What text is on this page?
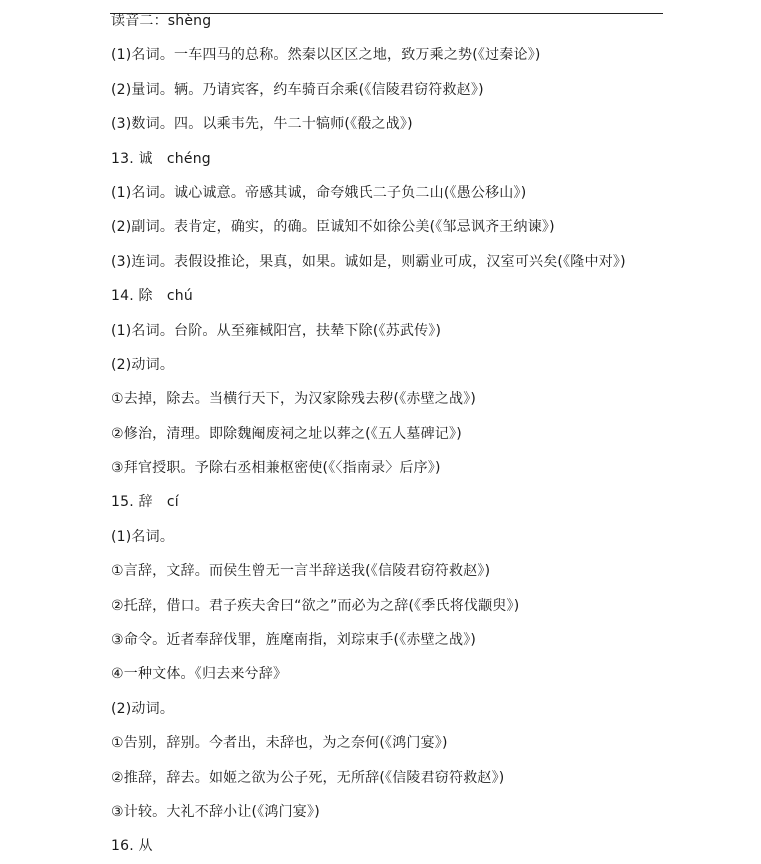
读音二：shèng
(1)名词。一车四马的总称。然秦以区区之地，致万乘之势(《过秦论》)
(2)量词。辆。乃请宾客，约车骑百余乘(《信陵君窃符救赵》)
(3)数词。四。以乘韦先，牛二十犒师(《殽之战》)
13. 诚　chéng
(1)名词。诚心诚意。帝感其诚，命夸娥氏二子负二山(《愚公移山》)
(2)副词。表肯定，确实，的确。臣诚知不如徐公美(《邹忌讽齐王纳谏》)
(3)连词。表假设推论，果真，如果。诚如是，则霸业可成，汉室可兴矣(《隆中对》)
14. 除　chú
(1)名词。台阶。从至雍棫阳宫，扶辇下除(《苏武传》)
(2)动词。
①去掉，除去。当横行天下，为汉家除残去秽(《赤壁之战》)
②修治，清理。即除魏阉废祠之址以葬之(《五人墓碑记》)
③拜官授职。予除右丞相兼枢密使(《〈指南录〉后序》)
15. 辞　cí
(1)名词。
①言辞，文辞。而侯生曾无一言半辞送我(《信陵君窃符救赵》)
②托辞，借口。君子疾夫舍曰“欲之”而必为之辞(《季氏将伐颛臾》)
③命令。近者奉辞伐罪，旌麾南指，刘琮束手(《赤壁之战》)
④一种文体。《归去来兮辞》
(2)动词。
①告别，辞别。今者出，未辞也，为之奈何(《鸿门宴》)
②推辞，辞去。如姬之欲为公子死，无所辞(《信陵君窃符救赵》)
③计较。大礼不辞小让(《鸿门宴》)
16. 从
